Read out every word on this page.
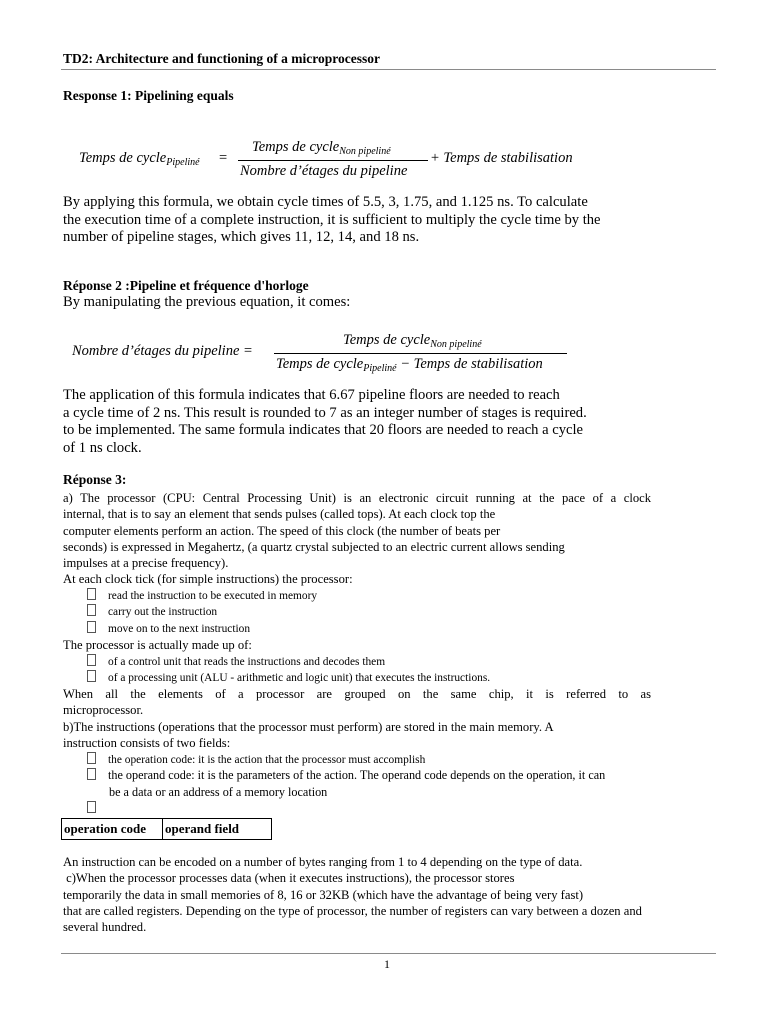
TD2: Architecture and functioning of a microprocessor
Response 1: Pipelining equals
Temps de cycle$_{Pipeliné}$ =
Temps de cycle$_{Non pipeliné}$
Nombre d’étages du pipeline
+ Temps de stabilisation
By applying this formula, we obtain cycle times of 5.5, 3, 1.75, and 1.125 ns. To calculate
the execution time of a complete instruction, it is sufficient to multiply the cycle time by the
number of pipeline stages, which gives 11, 12, 14, and 18 ns.
Réponse 2 :Pipeline et fréquence d'horloge
By manipulating the previous equation, it comes:
Nombre d’étages du pipeline =
Temps de cycle$_{Non pipeliné}$
Temps de cycle$_{Pipeliné}$ − Temps de stabilisation
The application of this formula indicates that 6.67 pipeline floors are needed to reach
a cycle time of 2 ns. This result is rounded to 7 as an integer number of stages is required.
to be implemented. The same formula indicates that 20 floors are needed to reach a cycle
of 1 ns clock.
Réponse 3:
a) The processor (CPU: Central Processing Unit) is an electronic circuit running at the pace of a clock
internal, that is to say an element that sends pulses (called tops). At each clock top the
computer elements perform an action. The speed of this clock (the number of beats per
seconds) is expressed in Megahertz, (a quartz crystal subjected to an electric current allows sending
impulses at a precise frequency).
At each clock tick (for simple instructions) the processor:
read the instruction to be executed in memory
carry out the instruction
move on to the next instruction
The processor is actually made up of:
of a control unit that reads the instructions and decodes them
of a processing unit (ALU - arithmetic and logic unit) that executes the instructions.
When all the elements of a processor are grouped on the same chip, it is referred to as
microprocessor.
b)The instructions (operations that the processor must perform) are stored in the main memory. A
instruction consists of two fields:
the operation code: it is the action that the processor must accomplish
the operand code: it is the parameters of the action. The operand code depends on the operation, it can
be a data or an address of a memory location
operation code	operand field
An instruction can be encoded on a number of bytes ranging from 1 to 4 depending on the type of data.
c)When the processor processes data (when it executes instructions), the processor stores
temporarily the data in small memories of 8, 16 or 32KB (which have the advantage of being very fast)
that are called registers. Depending on the type of processor, the number of registers can vary between a dozen and
several hundred.
1
